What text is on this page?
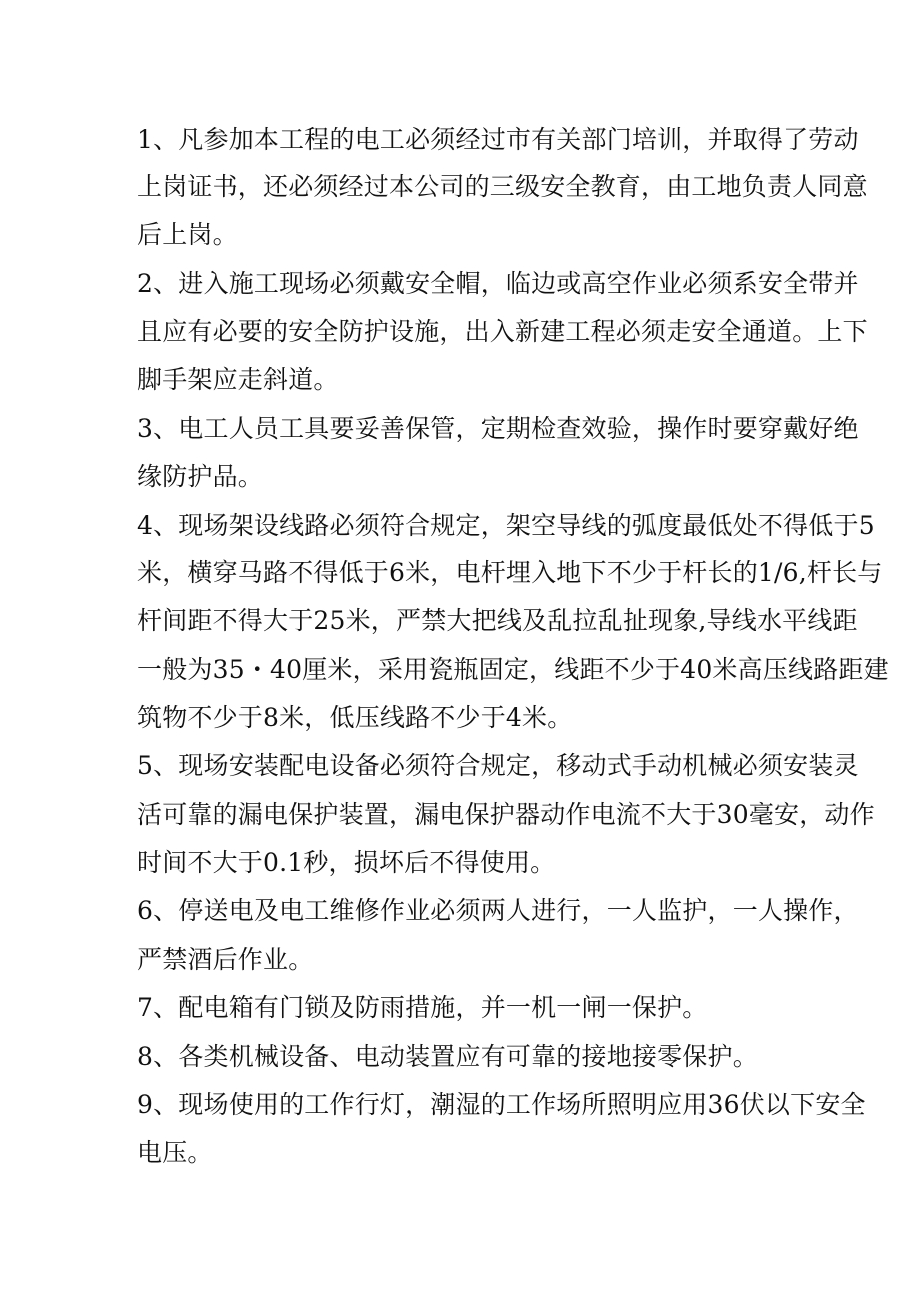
1、凡参加本工程的电工必须经过市有关部门培训，并取得了劳动
上岗证书，还必须经过本公司的三级安全教育，由工地负责人同意
后上岗。
2、进入施工现场必须戴安全帽，临边或高空作业必须系安全带并
且应有必要的安全防护设施，出入新建工程必须走安全通道。上下
脚手架应走斜道。
3、电工人员工具要妥善保管，定期检查效验，操作时要穿戴好绝
缘防护品。
4、现场架设线路必须符合规定，架空导线的弧度最低处不得低于5
米，横穿马路不得低于6米，电杆埋入地下不少于杆长的1/6,杆长与
杆间距不得大于25米，严禁大把线及乱拉乱扯现象,导线水平线距
一般为35・40厘米，采用瓷瓶固定，线距不少于40米高压线路距建
筑物不少于8米，低压线路不少于4米。
5、现场安装配电设备必须符合规定，移动式手动机械必须安装灵
活可靠的漏电保护装置，漏电保护器动作电流不大于30毫安，动作
时间不大于0.1秒，损坏后不得使用。
6、停送电及电工维修作业必须两人进行，一人监护，一人操作，
严禁酒后作业。
7、配电箱有门锁及防雨措施，并一机一闸一保护。
8、各类机械设备、电动装置应有可靠的接地接零保护。
9、现场使用的工作行灯，潮湿的工作场所照明应用36伏以下安全
电压。
